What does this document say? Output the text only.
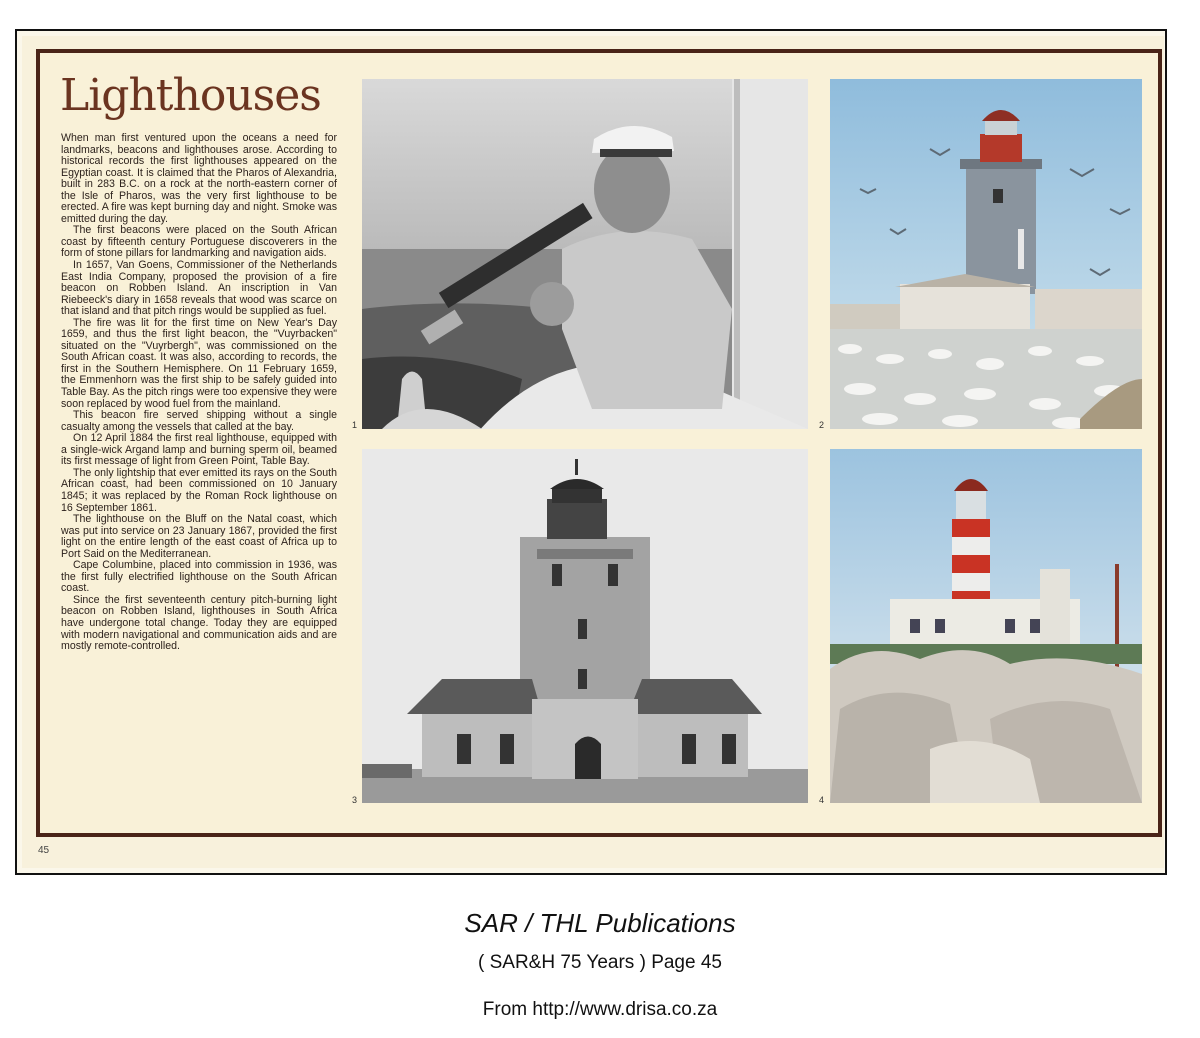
Lighthouses

When man first ventured upon the oceans a need for landmarks, beacons and lighthouses arose. According to historical records the first lighthouses appeared on the Egyptian coast. It is claimed that the Pharos of Alexandria, built in 283 B.C. on a rock at the north-eastern corner of the Isle of Pharos, was the very first lighthouse to be erected. A fire was kept burning day and night. Smoke was emitted during the day.

The first beacons were placed on the South African coast by fifteenth century Portuguese discoverers in the form of stone pillars for landmarking and navigation aids.

In 1657, Van Goens, Commissioner of the Netherlands East India Company, proposed the provision of a fire beacon on Robben Island. An inscription in Van Riebeeck's diary in 1658 reveals that wood was scarce on that island and that pitch rings would be supplied as fuel.

The fire was lit for the first time on New Year's Day 1659, and thus the first light beacon, the "Vuyrbacken" situated on the "Vuyrbergh", was commissioned on the South African coast. It was also, according to records, the first in the Southern Hemisphere. On 11 February 1659, the Emmenhorn was the first ship to be safely guided into Table Bay. As the pitch rings were too expensive they were soon replaced by wood fuel from the mainland.

This beacon fire served shipping without a single casualty among the vessels that called at the bay.

On 12 April 1884 the first real lighthouse, equipped with a single-wick Argand lamp and burning sperm oil, beamed its first message of light from Green Point, Table Bay.

The only lightship that ever emitted its rays on the South African coast, had been commissioned on 10 January 1845; it was replaced by the Roman Rock lighthouse on 16 September 1861.

The lighthouse on the Bluff on the Natal coast, which was put into service on 23 January 1867, provided the first light on the entire length of the east coast of Africa up to Port Said on the Mediterranean.

Cape Columbine, placed into commission in 1936, was the first fully electrified lighthouse on the South African coast.

Since the first seventeenth century pitch-burning light beacon on Robben Island, lighthouses in South Africa have undergone total change. Today they are equipped with modern navigational and communication aids and are mostly remote-controlled.

1	2
3	4
45
SAR / THL Publications
( SAR&H 75 Years ) Page 45
From http://www.drisa.co.za
